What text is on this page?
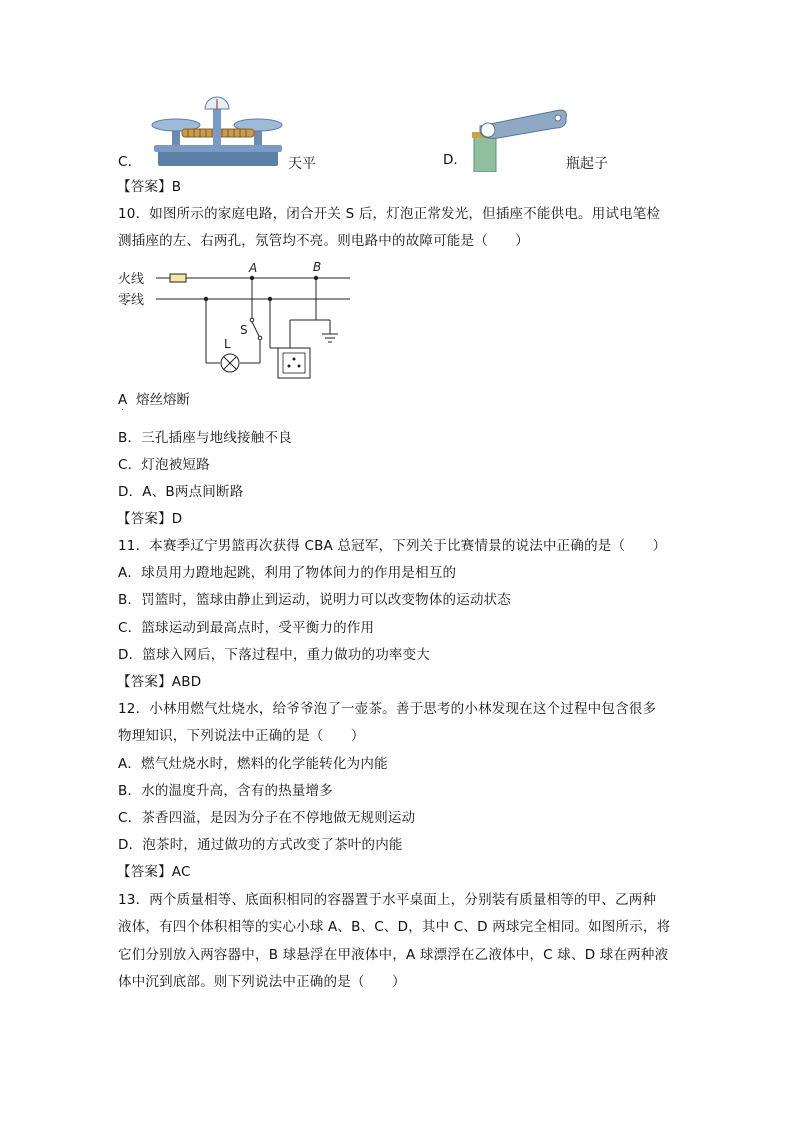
C.	天平	D.	瓶起子
【答案】B
10．如图所示的家庭电路，闭合开关 S 后，灯泡正常发光，但插座不能供电。用试电笔检
测插座的左、右两孔，氖管均不亮。则电路中的故障可能是（　　）
火线
零线
A	B
S
L
A
·
熔丝熔断
B．三孔插座与地线接触不良
C．灯泡被短路
D．A、B两点间断路
【答案】D
11．本赛季辽宁男篮再次获得 CBA 总冠军，下列关于比赛情景的说法中正确的是（　　）
A．球员用力蹬地起跳，利用了物体间力的作用是相互的
B．罚篮时，篮球由静止到运动，说明力可以改变物体的运动状态
C．篮球运动到最高点时，受平衡力的作用
D．篮球入网后，下落过程中，重力做功的功率变大
【答案】ABD
12．小林用燃气灶烧水，给爷爷泡了一壶茶。善于思考的小林发现在这个过程中包含很多
物理知识，下列说法中正确的是（　　）
A．燃气灶烧水时，燃料的化学能转化为内能
B．水的温度升高，含有的热量增多
C．茶香四溢，是因为分子在不停地做无规则运动
D．泡茶时，通过做功的方式改变了茶叶的内能
【答案】AC
13．两个质量相等、底面积相同的容器置于水平桌面上，分别装有质量相等的甲、乙两种
液体，有四个体积相等的实心小球 A、B、C、D，其中 C、D 两球完全相同。如图所示，将
它们分别放入两容器中，B 球悬浮在甲液体中，A 球漂浮在乙液体中，C 球、D 球在两种液
体中沉到底部。则下列说法中正确的是（　　）
